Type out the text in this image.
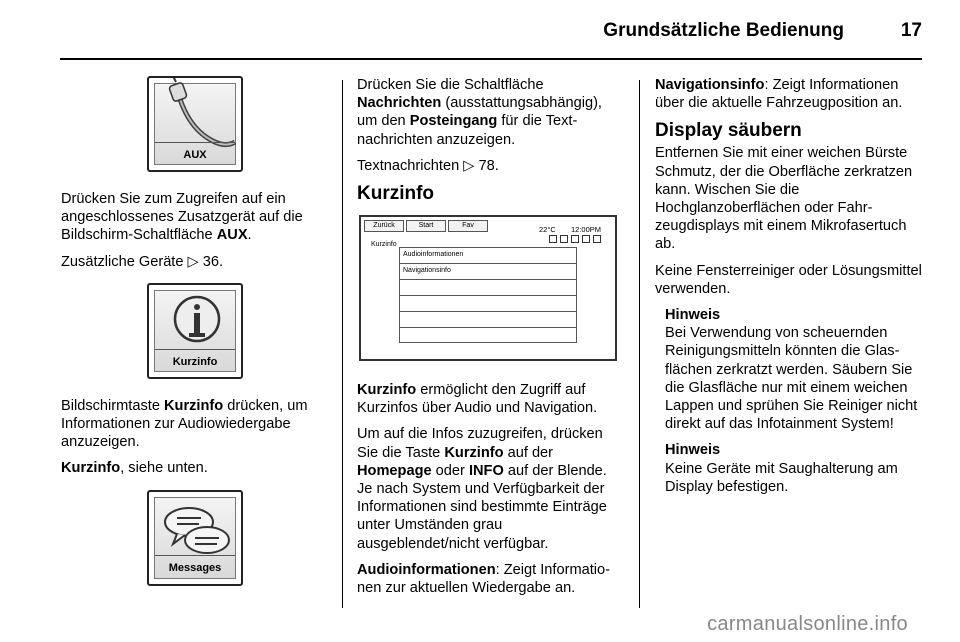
Grundsätzliche Bedienung	17
AUX

Drücken Sie zum Zugreifen auf ein angeschlossenes Zusatzgerät auf die Bildschirm-Schaltfläche AUX.

Zusätzliche Geräte ▷ 36.

Kurzinfo

Bildschirmtaste Kurzinfo drücken, um Informationen zur Audiowiedergabe anzuzeigen.

Kurzinfo, siehe unten.

Messages

Drücken Sie die Schaltfläche Nachrichten (ausstattungsabhängig), um den Posteingang für die Textnachrichten anzuzeigen.

Textnachrichten ▷ 78.

Kurzinfo
Zurück	Start	Fav	22°C 12:00PM
Kurzinfo
Audioinformationen
Navigationsinfo

Kurzinfo ermöglicht den Zugriff auf Kurzinfos über Audio und Navigation.

Um auf die Infos zuzugreifen, drücken Sie die Taste Kurzinfo auf der Homepage oder INFO auf der Blende. Je nach System und Verfügbarkeit der Informationen sind bestimmte Einträge unter Umständen grau ausgeblendet/nicht verfügbar.

Audioinformationen: Zeigt Informationen zur aktuellen Wiedergabe an.

Navigationsinfo: Zeigt Informationen über die aktuelle Fahrzeugposition an.

Display säubern

Entfernen Sie mit einer weichen Bürste Schmutz, der die Oberfläche zerkratzen kann. Wischen Sie die Hochglanzoberflächen oder Fahrzeugdisplays mit einem Mikrofasertuch ab.

Keine Fensterreiniger oder Lösungsmittel verwenden.

Hinweis
Bei Verwendung von scheuernden Reinigungsmitteln könnten die Glasflächen zerkratzt werden. Säubern Sie die Glasfläche nur mit einem weichen Lappen und sprühen Sie Reiniger nicht direkt auf das Infotainment System!
Hinweis
Keine Geräte mit Saughalterung am Display befestigen.
carmanualsonline.info
